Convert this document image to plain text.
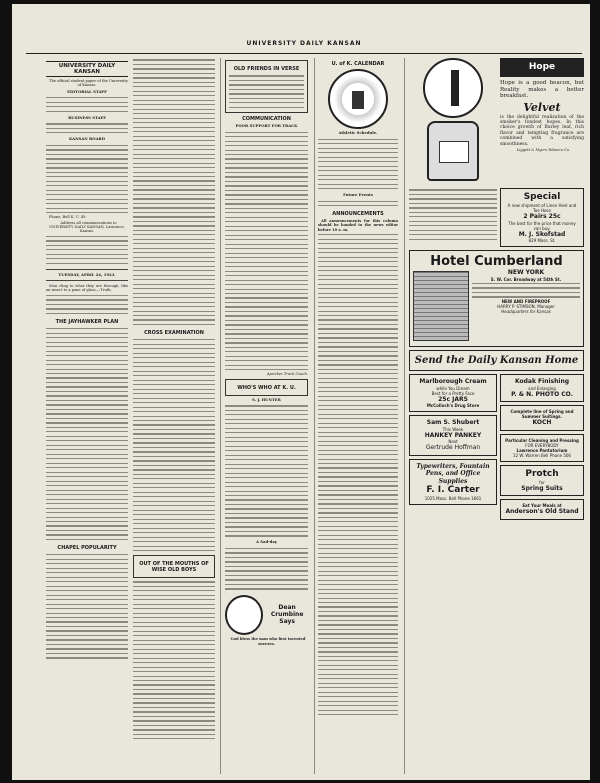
UNIVERSITY DAILY KANSAN
UNIVERSITY DAILY KANSAN
The official student paper of the University of Kansas.
EDITORIAL STAFF
BUSINESS STAFF
KANSAN BOARD
Phone, Bell K. U. 49.
Address all communications to UNIVERSITY DAILY KANSAN, Lawrence, Kansas.
TUESDAY, APRIL 24, 1923.
Man cling to what they are through, like an insect to a pane of glass.—Truth.
THE JAYHAWKER PLAN
CHAPEL POPULARITY
CROSS EXAMINATION
OUT OF THE MOUTHS OF WISE OLD BOYS
OLD FRIENDS IN VERSE
COMMUNICATION
POOR SUPPORT FOR TRACK
Apricker Track Coach.
WHO'S WHO AT K. U.
S. J. HUNTER
A Sad-day
Dean Crumbine Says
God bless the man who first invented sneezes.
U. of K. CALENDAR
Athletic Schedule.
Future Events
ANNOUNCEMENTS
All announcements for this column should be handed to the news editor before 10 a. m.
Hope
Hope is a good beacon, but Reality makes a better breakfast.
Velvet
is the delightful realization of the smoker's fondest hopes. In this choice growth of Burley leaf, rich flavor and tempting fragrance are combined with a satisfying smoothness.
Liggett & Myers Tobacco Co.
Special
A new shipment of Linen Heel and Toe Hose
2 Pairs 25c
The best for the price that money can buy.
M. J. Skofstad
829 Mass. St.
Hotel Cumberland
NEW YORK
S. W. Cor. Broadway at 54th St.
NEW AND FIREPROOF
HARRY P. STIMSON, Manager
Headquarters for Kansas
Send the Daily Kansan Home
Marlborough Cream
while You Dream
Best for a Pretty Face
25c JARS
McColloch's Drug Store
Sam S. Shubert
This Week
HANKEY PANKEY
Next
Gertrude Hoffman
Typewriters, Fountain Pens, and Office Supplies
F. I. Carter
1025 Mass. Bell Phone 1661
Kodak Finishing
and Enlarging
P. & N. PHOTO CO.
Complete line of Spring and Summer Suitings.
KOCH
Particular Cleaning and Pressing
FOR EVERYBODY
Lawrence Pantatorium
12 W. Warren Bell Phone 506
Protch
for
Spring Suits
Eat Your Meals at
Anderson's Old Stand
